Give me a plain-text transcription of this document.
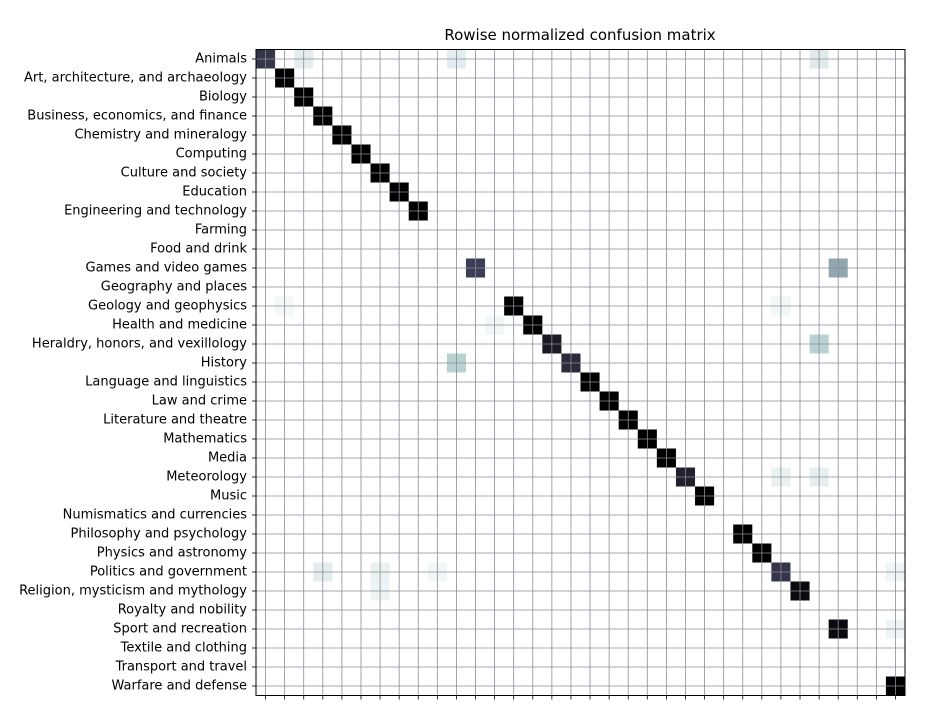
Rowise normalized confusion matrix
Animals
Art, architecture, and archaeology
Biology
Business, economics, and finance
Chemistry and mineralogy
Computing
Culture and society
Education
Engineering and technology
Farming
Food and drink
Games and video games
Geography and places
Geology and geophysics
Health and medicine
Heraldry, honors, and vexillology
History
Language and linguistics
Law and crime
Literature and theatre
Mathematics
Media
Meteorology
Music
Numismatics and currencies
Philosophy and psychology
Physics and astronomy
Politics and government
Religion, mysticism and mythology
Royalty and nobility
Sport and recreation
Textile and clothing
Transport and travel
Warfare and defense
